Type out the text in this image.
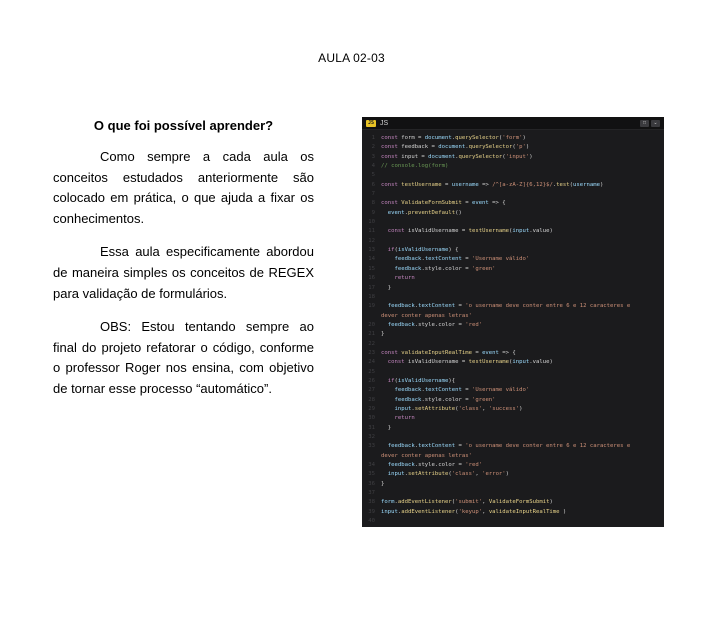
AULA 02-03
O que foi possível aprender?

Como sempre a cada aula os conceitos estudados anteriormente são colocado em prática, o que ajuda a fixar os conhecimentos.

Essa aula especificamente abordou de maneira simples os conceitos de REGEX para validação de formulários.

OBS: Estou tentando sempre ao final do projeto refatorar o código, conforme o professor Roger nos ensina, com objetivo de tornar esse processo “automático”.

JS JS	□	⌄
1	const form = document.querySelector('form')
2	const feedback = document.querySelector('p')
3	const input = document.querySelector('input')
4	// console.log(form)
5
6	const testUsername = username => /^[a-zA-Z]{6,12}$/.test(username)
7
8	const ValidateFormSubmit = event => {
9	event.preventDefault()
10
11	const isValidUsername = testUsername(input.value)
12
13	if(isValidUsername) {
14	feedback.textContent = 'Username válido'
15	feedback.style.color = 'green'
16	return
17	}
18
19	feedback.textContent = 'o username deve conter entre 6 e 12 caracteres e
dever conter apenas letras'
20	feedback.style.color = 'red'
21	}
22
23	const validateInputRealTime = event => {
24	const isValidUsername = testUsername(input.value)
25
26	if(isValidUsername){
27	feedback.textContent = 'Username válido'
28	feedback.style.color = 'green'
29	input.setAttribute('class', 'success')
30	return
31	}
32
33	feedback.textContent = 'o username deve conter entre 6 e 12 caracteres e
dever conter apenas letras'
34	feedback.style.color = 'red'
35	input.setAttribute('class', 'error')
36	}
37
38	form.addEventListener('submit', ValidateFormSubmit)
39	input.addEventListener('keyup', validateInputRealTime )
40
